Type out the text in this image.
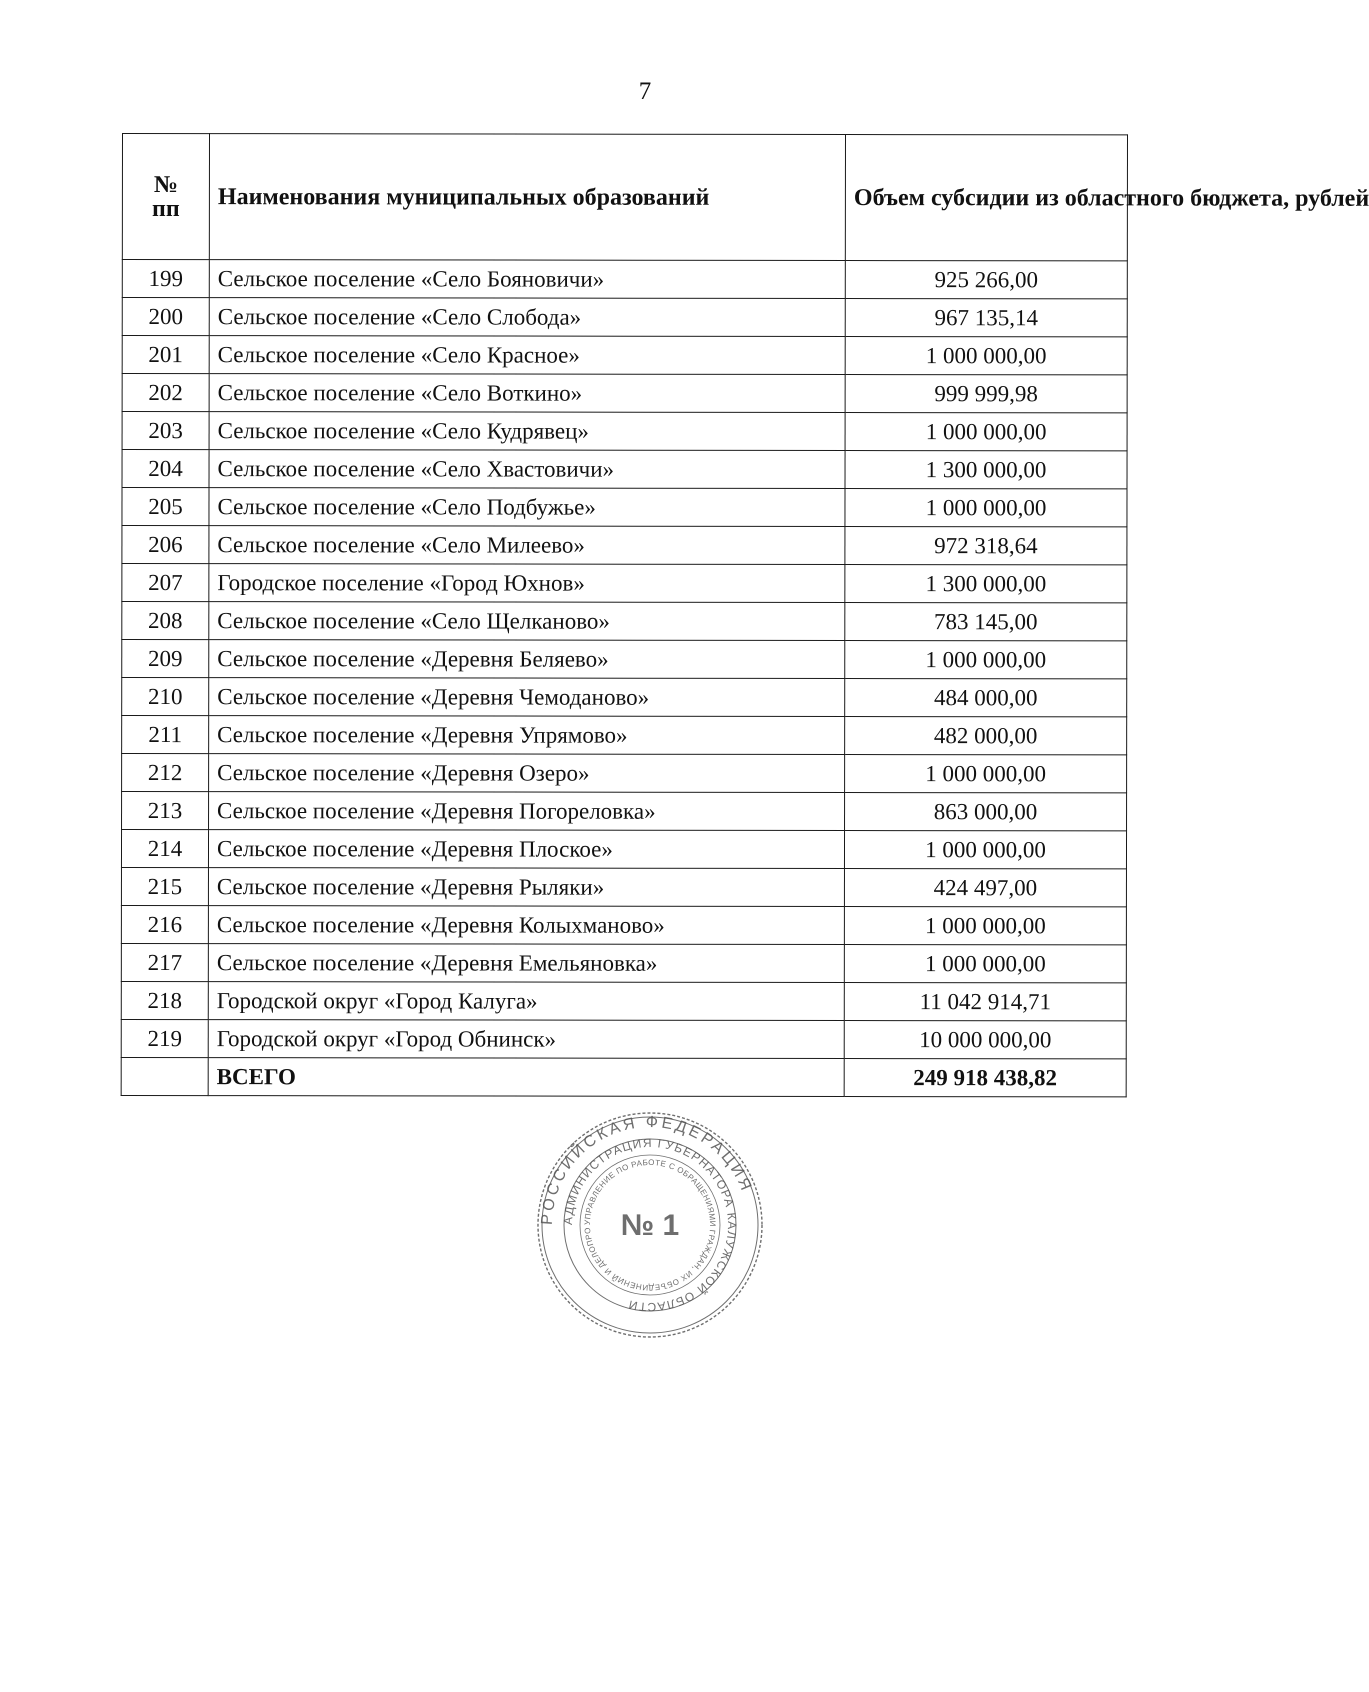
7
№
пп	Наименования муниципальных образований	Объем субсидии из областного бюджета, рублей
199	Сельское поселение «Село Бояновичи»	925 266,00
200	Сельское поселение «Село Слобода»	967 135,14
201	Сельское поселение «Село Красное»	1 000 000,00
202	Сельское поселение «Село Воткино»	999 999,98
203	Сельское поселение «Село Кудрявец»	1 000 000,00
204	Сельское поселение «Село Хвастовичи»	1 300 000,00
205	Сельское поселение «Село Подбужье»	1 000 000,00
206	Сельское поселение «Село Милеево»	972 318,64
207	Городское поселение «Город Юхнов»	1 300 000,00
208	Сельское поселение «Село Щелканово»	783 145,00
209	Сельское поселение «Деревня Беляево»	1 000 000,00
210	Сельское поселение «Деревня Чемоданово»	484 000,00
211	Сельское поселение «Деревня Упрямово»	482 000,00
212	Сельское поселение «Деревня Озеро»	1 000 000,00
213	Сельское поселение «Деревня Погореловка»	863 000,00
214	Сельское поселение «Деревня Плоское»	1 000 000,00
215	Сельское поселение «Деревня Рыляки»	424 497,00
216	Сельское поселение «Деревня Колыхманово»	1 000 000,00
217	Сельское поселение «Деревня Емельяновка»	1 000 000,00
218	Городской округ «Город Калуга»	11 042 914,71
219	Городской округ «Город Обнинск»	10 000 000,00
	ВСЕГО	249 918 438,82
РОССИЙСКАЯ ФЕДЕРАЦИЯ
АДМИНИСТРАЦИЯ ГУБЕРНАТОРА КАЛУЖСКОЙ ОБЛАСТИ
УПРАВЛЕНИЕ ПО РАБОТЕ С ОБРАЩЕНИЯМИ ГРАЖДАН, ИХ ОБЪЕДИНЕНИЙ И ДЕЛОПРО № 1
